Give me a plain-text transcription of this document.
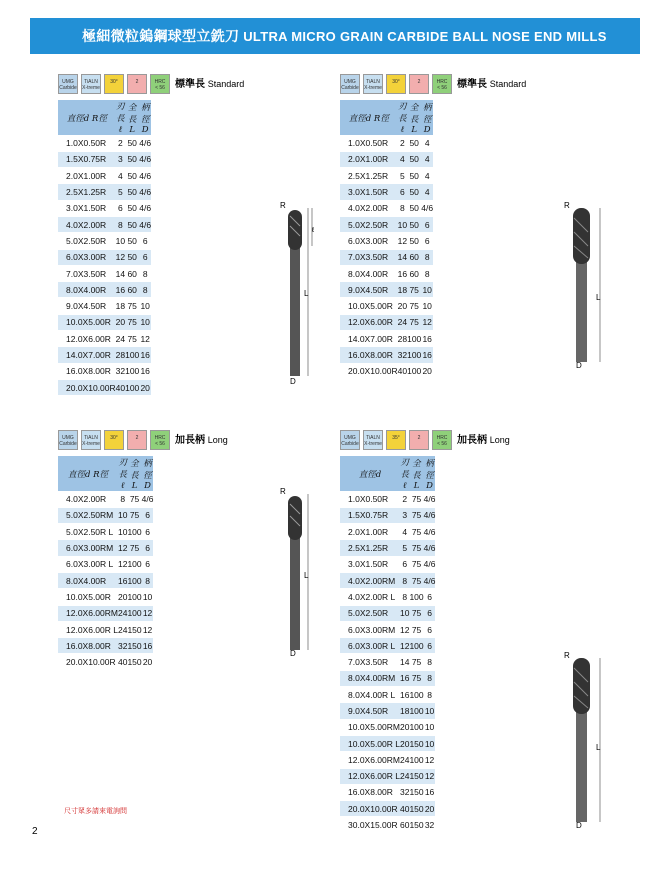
極細微粒鎢鋼球型立銑刀 ULTRA MICRO GRAIN CARBIDE BALL NOSE END MILLS
UMG
CarbideTiALN
X-treme30°	2	HRC
< 56 標準長 Standard
直徑d R徑	刃長 ℓ	全長 L	柄徑 D
1.0X0.50R	2	50	4/6
1.5X0.75R	3	50	4/6
2.0X1.00R	4	50	4/6
2.5X1.25R	5	50	4/6
3.0X1.50R	6	50	4/6
4.0X2.00R	8	50	4/6
5.0X2.50R	10	50	6
6.0X3.00R	12	50	6
7.0X3.50R	14	60	8
8.0X4.00R	16	60	8
9.0X4.50R	18	75	10
10.0X5.00R	20	75	10
12.0X6.00R	24	75	12
14.0X7.00R	28	100	16
16.0X8.00R	32	100	16
20.0X10.00R	40	100	20
UMG
CarbideTiALN
X-treme30°	2	HRC
< 56 標準長 Standard
直徑d R徑	刃長 ℓ	全長 L	柄徑 D
1.0X0.50R	2	50	4
2.0X1.00R	4	50	4
2.5X1.25R	5	50	4
3.0X1.50R	6	50	4
4.0X2.00R	8	50	4/6
5.0X2.50R	10	50	6
6.0X3.00R	12	50	6
7.0X3.50R	14	60	8
8.0X4.00R	16	60	8
9.0X4.50R	18	75	10
10.0X5.00R	20	75	10
12.0X6.00R	24	75	12
14.0X7.00R	28	100	16
16.0X8.00R	32	100	16
20.0X10.00R	40	100	20
UMG
CarbideTiALN
X-treme30°	2	HRC
< 56 加長柄 Long
直徑d R徑	刃長 ℓ	全長 L	柄徑 D
4.0X2.00R	8	75	4/6
5.0X2.50RM	10	75	6
5.0X2.50R L	10	100	6
6.0X3.00RM	12	75	6
6.0X3.00R L	12	100	6
8.0X4.00R	16	100	8
10.0X5.00R	20	100	10
12.0X6.00RM	24	100	12
12.0X6.00R L	24	150	12
16.0X8.00R	32	150	16
20.0X10.00R	40	150	20
UMG
CarbideTiALN
X-treme35°	2	HRC
< 56 加長柄 Long
直徑d	刃長 ℓ	全長 L	柄徑 D
1.0X0.50R	2	75	4/6
1.5X0.75R	3	75	4/6
2.0X1.00R	4	75	4/6
2.5X1.25R	5	75	4/6
3.0X1.50R	6	75	4/6
4.0X2.00RM	8	75	4/6
4.0X2.00R L	8	100	6
5.0X2.50R	10	75	6
6.0X3.00RM	12	75	6
6.0X3.00R L	12	100	6
7.0X3.50R	14	75	8
8.0X4.00RM	16	75	8
8.0X4.00R L	16	100	8
9.0X4.50R	18	100	10
10.0X5.00RM	20	100	10
10.0X5.00R L	20	150	10
12.0X6.00RM	24	100	12
12.0X6.00R L	24	150	12
16.0X8.00R	32	150	16
20.0X10.00R	40	150	20
30.0X15.00R	60	150	32
R
L
ℓ
D
R
L
D
R
L
D	R
L
D
尺寸眾多請來電詢問
2
